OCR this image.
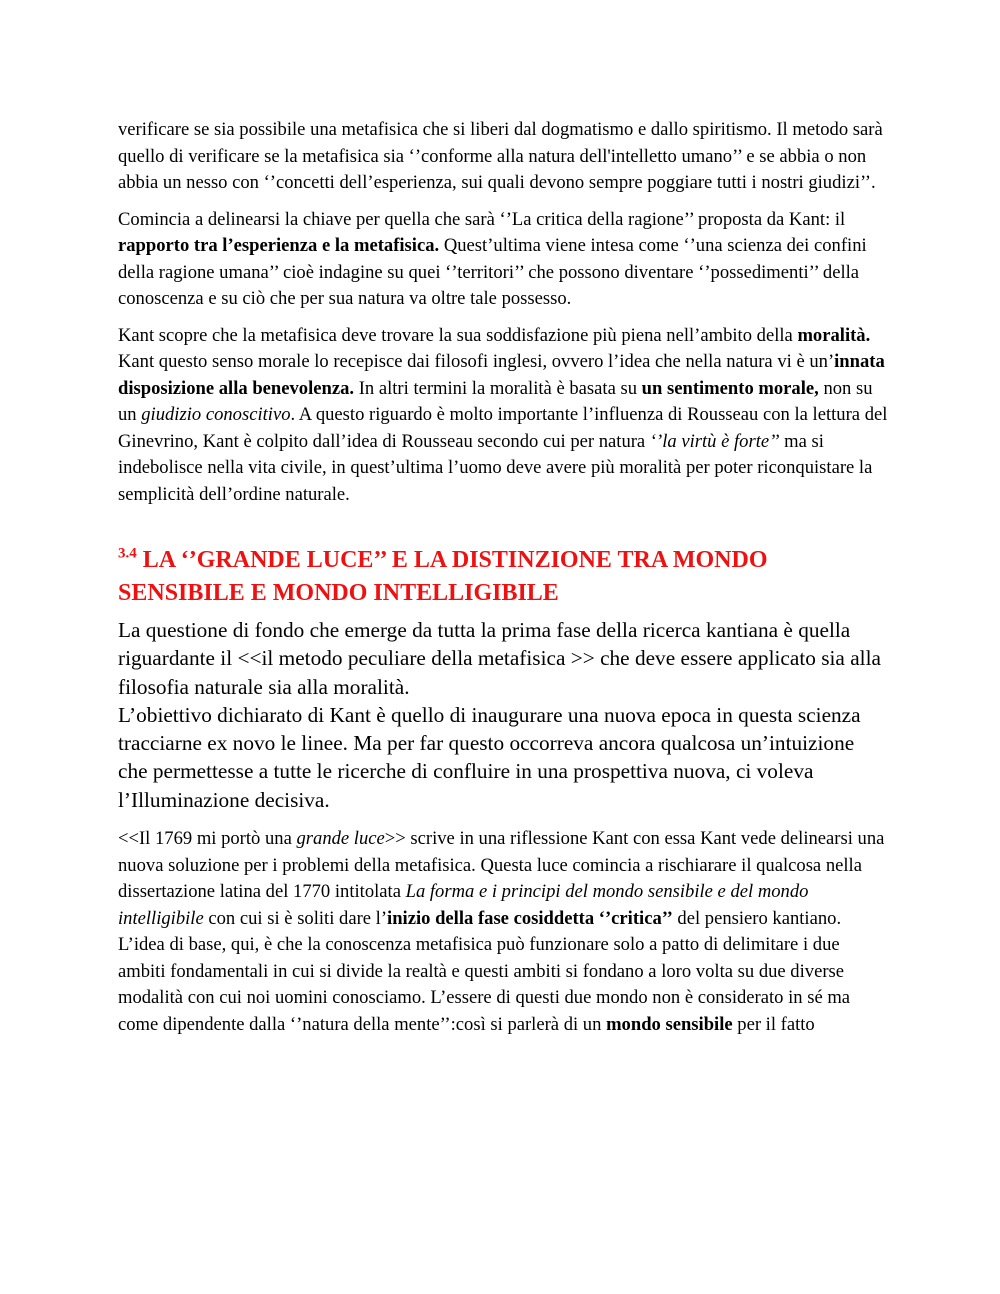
verificare se sia possibile una metafisica che si liberi dal dogmatismo e dallo spiritismo. Il metodo sarà quello di verificare se la metafisica sia ‘’conforme alla natura dell'intelletto umano’’ e se abbia o non abbia un nesso con ‘’concetti dell’esperienza, sui quali devono sempre poggiare tutti i nostri giudizi’’.

Comincia a delinearsi la chiave per quella che sarà ‘’La critica della ragione’’ proposta da Kant: il rapporto tra l’esperienza e la metafisica. Quest’ultima viene intesa come ‘’una scienza dei confini della ragione umana’’ cioè indagine su quei ‘’territori’’ che possono diventare ‘’possedimenti’’ della conoscenza e su ciò che per sua natura va oltre tale possesso.

Kant scopre che la metafisica deve trovare la sua soddisfazione più piena nell’ambito della moralità. Kant questo senso morale lo recepisce dai filosofi inglesi, ovvero l’idea che nella natura vi è un’innata disposizione alla benevolenza. In altri termini la moralità è basata su un sentimento morale, non su un giudizio conoscitivo. A questo riguardo è molto importante l’influenza di Rousseau con la lettura del Ginevrino, Kant è colpito dall’idea di Rousseau secondo cui per natura ‘’la virtù è forte’’ ma si indebolisce nella vita civile, in quest’ultima l’uomo deve avere più moralità per poter riconquistare la semplicità dell’ordine naturale.

$^{3.4}$ LA ‘’GRANDE LUCE’’ E LA DISTINZIONE TRA MONDO SENSIBILE E MONDO INTELLIGIBILE

La questione di fondo che emerge da tutta la prima fase della ricerca kantiana è quella riguardante il <<il metodo peculiare della metafisica >> che deve essere applicato sia alla filosofia naturale sia alla moralità.
L’obiettivo dichiarato di Kant è quello di inaugurare una nuova epoca in questa scienza tracciarne ex novo le linee. Ma per far questo occorreva ancora qualcosa un’intuizione che permettesse a tutte le ricerche di confluire in una prospettiva nuova, ci voleva l’Illuminazione decisiva.

<<Il 1769 mi portò una grande luce>> scrive in una riflessione Kant con essa Kant vede delinearsi una nuova soluzione per i problemi della metafisica. Questa luce comincia a rischiarare il qualcosa nella dissertazione latina del 1770 intitolata La forma e i principi del mondo sensibile e del mondo intelligibile con cui si è soliti dare l’inizio della fase cosiddetta ‘’critica’’ del pensiero kantiano. L’idea di base, qui, è che la conoscenza metafisica può funzionare solo a patto di delimitare i due ambiti fondamentali in cui si divide la realtà e questi ambiti si fondano a loro volta su due diverse modalità con cui noi uomini conosciamo. L’essere di questi due mondo non è considerato in sé ma come dipendente dalla ‘’natura della mente’’:così si parlerà di un mondo sensibile per il fatto
